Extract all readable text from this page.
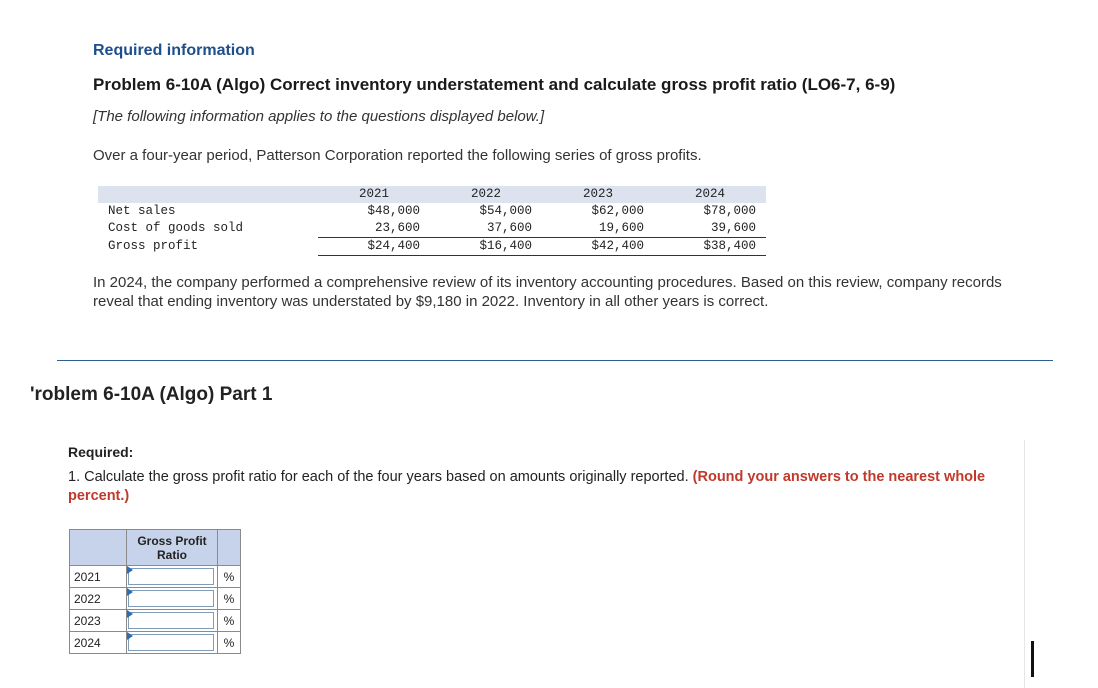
Required information
Problem 6-10A (Algo) Correct inventory understatement and calculate gross profit ratio (LO6-7, 6-9)
[The following information applies to the questions displayed below.]
Over a four-year period, Patterson Corporation reported the following series of gross profits.
	2021	2022	2023	2024
Net sales	$48,000	$54,000	$62,000	$78,000
Cost of goods sold	23,600	37,600	19,600	39,600
Gross profit	$24,400	$16,400	$42,400	$38,400
In 2024, the company performed a comprehensive review of its inventory accounting procedures. Based on this review, company records reveal that ending inventory was understated by $9,180 in 2022. Inventory in all other years is correct.
'roblem 6-10A (Algo) Part 1
Required:
1. Calculate the gross profit ratio for each of the four years based on amounts originally reported. (Round your answers to the nearest whole percent.)
	Gross Profit Ratio	
2021		%
2022		%
2023		%
2024		%
